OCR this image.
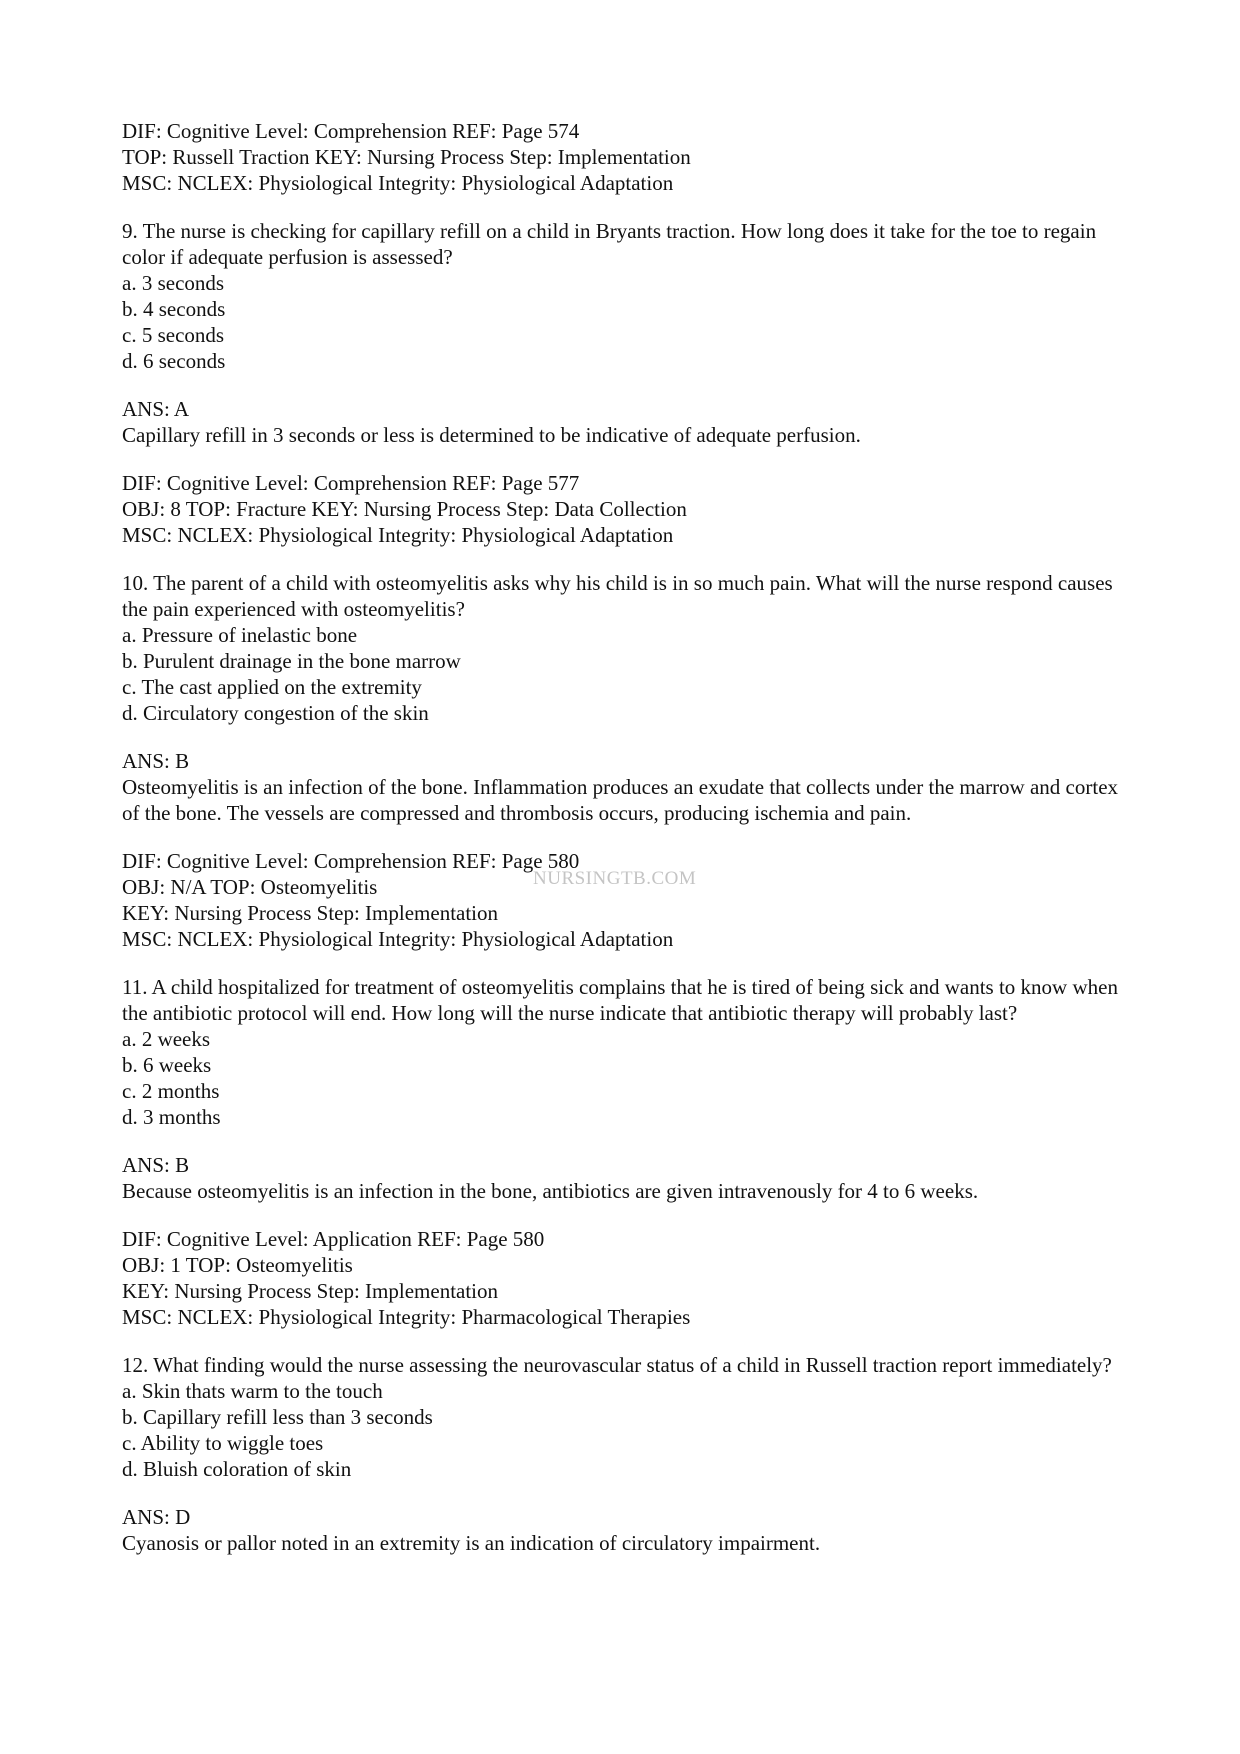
DIF: Cognitive Level: Comprehension REF: Page 574
TOP: Russell Traction KEY: Nursing Process Step: Implementation
MSC: NCLEX: Physiological Integrity: Physiological Adaptation
9. The nurse is checking for capillary refill on a child in Bryants traction. How long does it take for the toe to regain color if adequate perfusion is assessed?
a. 3 seconds
b. 4 seconds
c. 5 seconds
d. 6 seconds
ANS: A
Capillary refill in 3 seconds or less is determined to be indicative of adequate perfusion.
DIF: Cognitive Level: Comprehension REF: Page 577
OBJ: 8 TOP: Fracture KEY: Nursing Process Step: Data Collection
MSC: NCLEX: Physiological Integrity: Physiological Adaptation
10. The parent of a child with osteomyelitis asks why his child is in so much pain. What will the nurse respond causes the pain experienced with osteomyelitis?
a. Pressure of inelastic bone
b. Purulent drainage in the bone marrow
c. The cast applied on the extremity
d. Circulatory congestion of the skin
ANS: B
Osteomyelitis is an infection of the bone. Inflammation produces an exudate that collects under the marrow and cortex of the bone. The vessels are compressed and thrombosis occurs, producing ischemia and pain.
DIF: Cognitive Level: Comprehension REF: Page 580
OBJ: N/A TOP: Osteomyelitis
KEY: Nursing Process Step: Implementation
MSC: NCLEX: Physiological Integrity: Physiological Adaptation
11. A child hospitalized for treatment of osteomyelitis complains that he is tired of being sick and wants to know when the antibiotic protocol will end. How long will the nurse indicate that antibiotic therapy will probably last?
a. 2 weeks
b. 6 weeks
c. 2 months
d. 3 months
ANS: B
Because osteomyelitis is an infection in the bone, antibiotics are given intravenously for 4 to 6 weeks.
DIF: Cognitive Level: Application REF: Page 580
OBJ: 1 TOP: Osteomyelitis
KEY: Nursing Process Step: Implementation
MSC: NCLEX: Physiological Integrity: Pharmacological Therapies
12. What finding would the nurse assessing the neurovascular status of a child in Russell traction report immediately?
a. Skin thats warm to the touch
b. Capillary refill less than 3 seconds
c. Ability to wiggle toes
d. Bluish coloration of skin
ANS: D
Cyanosis or pallor noted in an extremity is an indication of circulatory impairment.
NURSINGTB.COM
